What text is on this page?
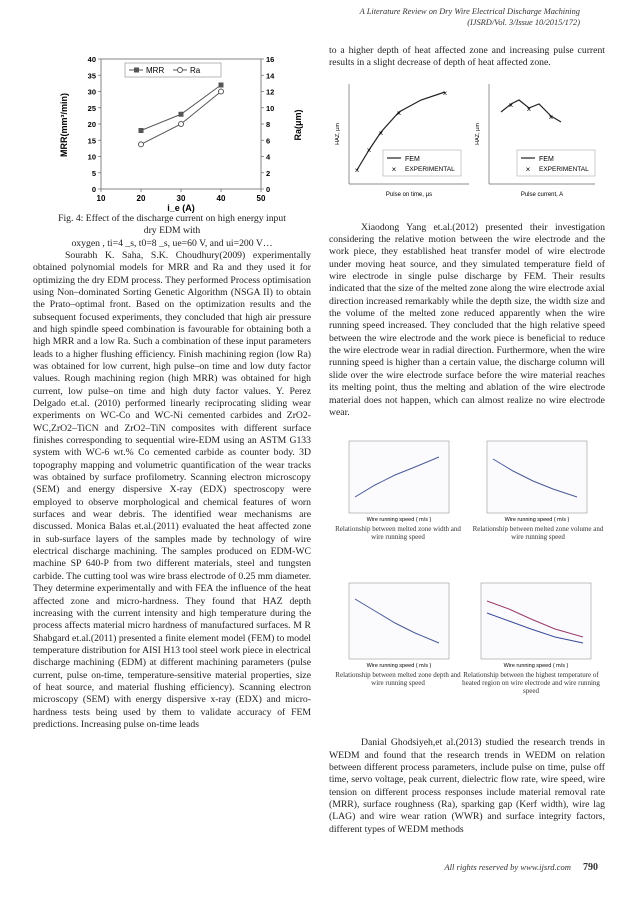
A Literature Review on Dry Wire Electrical Discharge Machining
(IJSRD/Vol. 3/Issue 10/2015/172)
10	20	30	40	50
0
5
10
15
20
25
30
35
40
0
2
4
6
8
10
12
14
16
MRR(mm³/min)	Ra(μm)
i_e (A)
MRR	Ra

Fig. 4: Effect of the discharge current on high energy input

dry EDM with

oxygen , ti=4 _s, t0=8 _s, ue=60 V, and ui=200 V…

Sourabh K. Saha, S.K. Choudhury(2009) experimentally obtained polynomial models for MRR and Ra and they used it for optimizing the dry EDM process. They performed Process optimisation using Non–dominated Sorting Genetic Algorithm (NSGA II) to obtain the Prato–optimal front. Based on the optimization results and the subsequent focused experiments, they concluded that high air pressure and high spindle speed combination is favourable for obtaining both a high MRR and a low Ra. Such a combination of these input parameters leads to a higher flushing efficiency. Finish machining region (low Ra) was obtained for low current, high pulse–on time and low duty factor values. Rough machining region (high MRR) was obtained for high current, low pulse–on time and high duty factor values. Y. Perez Delgado et.al. (2010) performed linearly reciprocating sliding wear experiments on WC-Co and WC-Ni cemented carbides and ZrO2-WC,ZrO2–TiCN and ZrO2–TiN composites with different surface finishes corresponding to sequential wire-EDM using an ASTM G133 system with WC-6 wt.% Co cemented carbide as counter body. 3D topography mapping and volumetric quantification of the wear tracks was obtained by surface profilometry. Scanning electron microscopy (SEM) and energy dispersive X-ray (EDX) spectroscopy were employed to observe morphological and chemical features of worn surfaces and wear debris. The identified wear mechanisms are discussed. Monica Balas et.al.(2011) evaluated the heat affected zone in sub-surface layers of the samples made by technology of wire electrical discharge machining. The samples produced on EDM-WC machine SP 640-P from two different materials, steel and tungsten carbide. The cutting tool was wire brass electrode of 0.25 mm diameter. They determine experimentally and with FEA the influence of the heat affected zone and micro-hardness. They found that HAZ depth increasing with the current intensity and high temperature during the process affects material micro hardness of manufactured surfaces. M R Shabgard et.al.(2011) presented a finite element model (FEM) to model temperature distribution for AISI H13 tool steel work piece in electrical discharge machining (EDM) at different machining parameters (pulse current, pulse on-time, temperature-sensitive material properties, size of heat source, and material flushing efficiency). Scanning electron microscopy (SEM) with energy dispersive x-ray (EDX) and micro-hardness tests being used by them to validate accuracy of FEM predictions. Increasing pulse on-time leads

to a higher depth of heat affected zone and increasing pulse current results in a slight decrease of depth of heat affected zone.

×
×
×
×
×
FEM
× EXPERIMENTAL
Pulse on time, µs
HAZ, µm
× ×
×
FEM
× EXPERIMENTAL
Pulse current, A
HAZ, µm

Xiaodong Yang et.al.(2012) presented their investigation considering the relative motion between the wire electrode and the work piece, they established heat transfer model of wire electrode under moving heat source, and they simulated temperature field of wire electrode in single pulse discharge by FEM. Their results indicated that the size of the melted zone along the wire electrode axial direction increased remarkably while the depth size, the width size and the volume of the melted zone reduced apparently when the wire running speed increased. They concluded that the high relative speed between the wire electrode and the work piece is beneficial to reduce the wire electrode wear in radial direction. Furthermore, when the wire running speed is higher than a certain value, the discharge column will slide over the wire electrode surface before the wire material reaches its melting point, thus the melting and ablation of the wire electrode material does not happen, which can almost realize no wire electrode wear.

Wire running speed ( m/s )
Relationship between melted zone width and wire running speed
Wire running speed ( m/s )
Relationship between melted zone volume and wire running speed
Wire running speed ( m/s )
Relationship between melted zone depth and wire running speed
Wire running speed ( m/s )
Relationship between the highest temperature of heated region on wire electrode and wire running speed

Danial Ghodsiyeh,et al.(2013) studied the research trends in WEDM and found that the research trends in WEDM on relation between different process parameters, include pulse on time, pulse off time, servo voltage, peak current, dielectric flow rate, wire speed, wire tension on different process responses include material removal rate (MRR), surface roughness (Ra), sparking gap (Kerf width), wire lag (LAG) and wire wear ration (WWR) and surface integrity factors, different types of WEDM methods

All rights reserved by www.ijsrd.com 790
